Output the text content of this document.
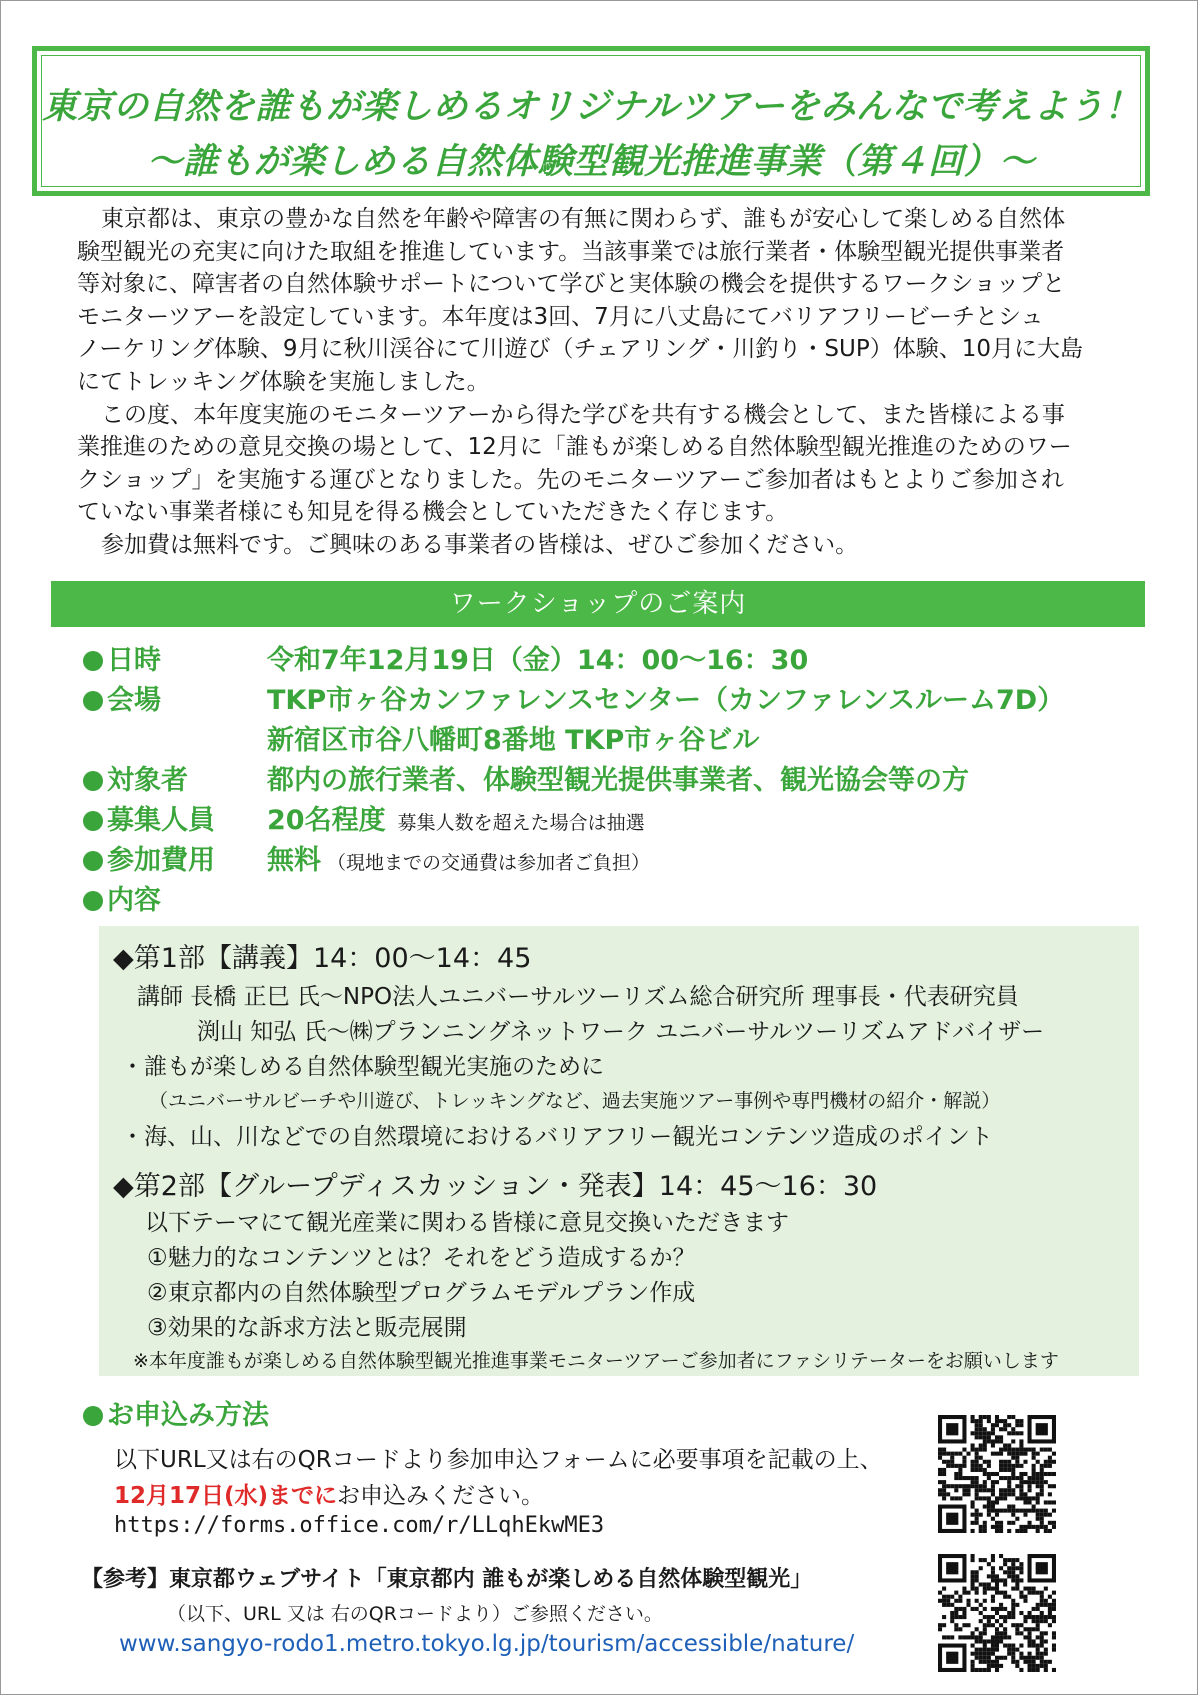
東京の自然を誰もが楽しめるオリジナルツアーをみんなで考えよう！
～誰もが楽しめる自然体験型観光推進事業（第４回）～
東京都は、東京の豊かな自然を年齢や障害の有無に関わらず、誰もが安心して楽しめる自然体
験型観光の充実に向けた取組を推進しています。当該事業では旅行業者・体験型観光提供事業者
等対象に、障害者の自然体験サポートについて学びと実体験の機会を提供するワークショップと
モニターツアーを設定しています。本年度は3回、7月に八丈島にてバリアフリービーチとシュ
ノーケリング体験、9月に秋川渓谷にて川遊び（チェアリング・川釣り・SUP）体験、10月に大島
にてトレッキング体験を実施しました。
この度、本年度実施のモニターツアーから得た学びを共有する機会として、また皆様による事
業推進のための意見交換の場として、12月に「誰もが楽しめる自然体験型観光推進のためのワー
クショップ」を実施する運びとなりました。先のモニターツアーご参加者はもとよりご参加され
ていない事業者様にも知見を得る機会としていただきたく存じます。
参加費は無料です。ご興味のある事業者の皆様は、ぜひご参加ください。
ワークショップのご案内
日時	令和7年12月19日（金）14：00～16：30
会場	TKP市ヶ谷カンファレンスセンター（カンファレンスルーム7D）
新宿区市谷八幡町8番地 TKP市ヶ谷ビル
対象者	都内の旅行業者、体験型観光提供事業者、観光協会等の方
募集人員 20名程度 募集人数を超えた場合は抽選
参加費用 無料 （現地までの交通費は参加者ご負担）
内容
◆第1部【講義】14：00～14：45
講師 長橋 正巳 氏～NPO法人ユニバーサルツーリズム総合研究所 理事長・代表研究員
渕山 知弘 氏～㈱プランニングネットワーク ユニバーサルツーリズムアドバイザー
・誰もが楽しめる自然体験型観光実施のために
（ユニバーサルビーチや川遊び、トレッキングなど、過去実施ツアー事例や専門機材の紹介・解説）
・海、山、川などでの自然環境におけるバリアフリー観光コンテンツ造成のポイント
◆第2部【グループディスカッション・発表】14：45～16：30
以下テーマにて観光産業に関わる皆様に意見交換いただきます
①魅力的なコンテンツとは？それをどう造成するか？
②東京都内の自然体験型プログラムモデルプラン作成
③効果的な訴求方法と販売展開
※本年度誰もが楽しめる自然体験型観光推進事業モニターツアーご参加者にファシリテーターをお願いします
お申込み方法
以下URL又は右のQRコードより参加申込フォームに必要事項を記載の上、
12月17日(水)までにお申込みください。
https://forms.office.com/r/LLqhEkwME3
【参考】東京都ウェブサイト「東京都内 誰もが楽しめる自然体験型観光」
（以下、URL 又は 右のQRコードより）ご参照ください。
www.sangyo-rodo1.metro.tokyo.lg.jp/tourism/accessible/nature/
